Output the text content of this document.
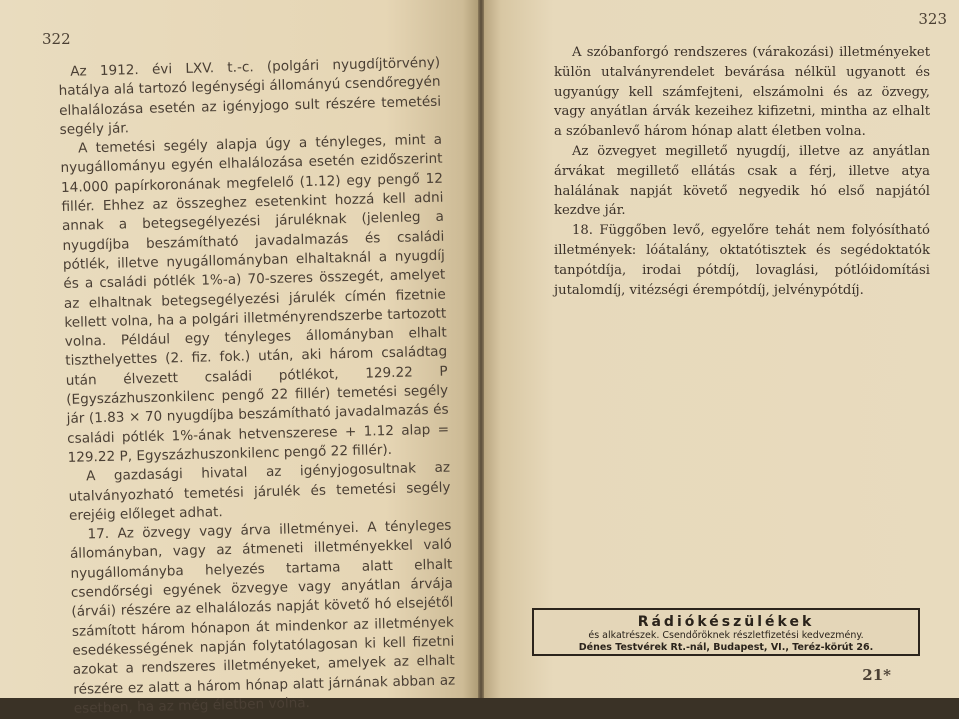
322

Az 1912. évi LXV. t.-c. (polgári nyugdíjtörvény) hatálya alá tartozó legénységi állományú csendőregyén elhalálozása esetén az igényjogo sult részére temetési segély jár.

A temetési segély alapja úgy a tényleges, mint a nyugállományu egyén elhalálozása esetén ezidőszerint 14.000 papírkoronának megfelelő (1.12) egy pengő 12 fillér. Ehhez az összeghez esetenkint hozzá kell adni annak a betegsegélyezési járuléknak (jelenleg a nyugdíjba beszámítható javadalmazás és családi pótlék, illetve nyugállományban elhaltaknál a nyugdíj és a családi pótlék 1%-a) 70-szeres összegét, amelyet az elhaltnak betegsegélyezési járulék címén fizetnie kellett volna, ha a polgári illetményrendszerbe tartozott volna. Például egy tényleges állományban elhalt tiszthelyettes (2. fiz. fok.) után, aki három családtag után élvezett családi pótlékot, 129.22 P (Egyszázhuszonkilenc pengő 22 fillér) temetési segély jár (1.83 × 70 nyugdíjba beszámítható javadalmazás és családi pótlék 1%-ának hetvenszerese + 1.12 alap = 129.22 P, Egyszázhuszonkilenc pengő 22 fillér).

A gazdasági hivatal az igényjogosultnak az utalványozható temetési járulék és temetési segély erejéig előleget adhat.

17. Az özvegy vagy árva illetményei. A tényleges állományban, vagy az átmeneti illetményekkel való nyugállományba helyezés tartama alatt elhalt csendőrségi egyének özvegye vagy anyátlan árvája (árvái) részére az elhalálozás napját követő hó elsejétől számított három hónapon át mindenkor az illetmények esedékességének napján folytatólagosan ki kell fizetni azokat a rendszeres illetményeket, amelyek az elhalt részére ez alatt a három hónap alatt járnának abban az esetben, ha az még életben volna.

323

A szóbanforgó rendszeres (várakozási) illetményeket külön utalványrendelet bevárása nélkül ugyanott és ugyanúgy kell számfejteni, elszámolni és az özvegy, vagy anyátlan árvák kezeihez kifizetni, mintha az elhalt a szóbanlevő három hónap alatt életben volna.

Az özvegyet megillető nyugdíj, illetve az anyátlan árvákat megillető ellátás csak a férj, illetve atya halálának napját követő negyedik hó első napjától kezdve jár.

18. Függőben levő, egyelőre tehát nem folyósítható illetmények: lóátalány, oktatótisztek és segédoktatók tanpótdíja, irodai pótdíj, lovaglási, pótlóidomítási jutalomdíj, vitézségi érempótdíj, jelvénypótdíj.

21*
Rádiókészülékek
és alkatrészek. Csendőröknek részletfizetési kedvezmény.
Dénes Testvérek Rt.-nál, Budapest, VI., Teréz-körút 26.
